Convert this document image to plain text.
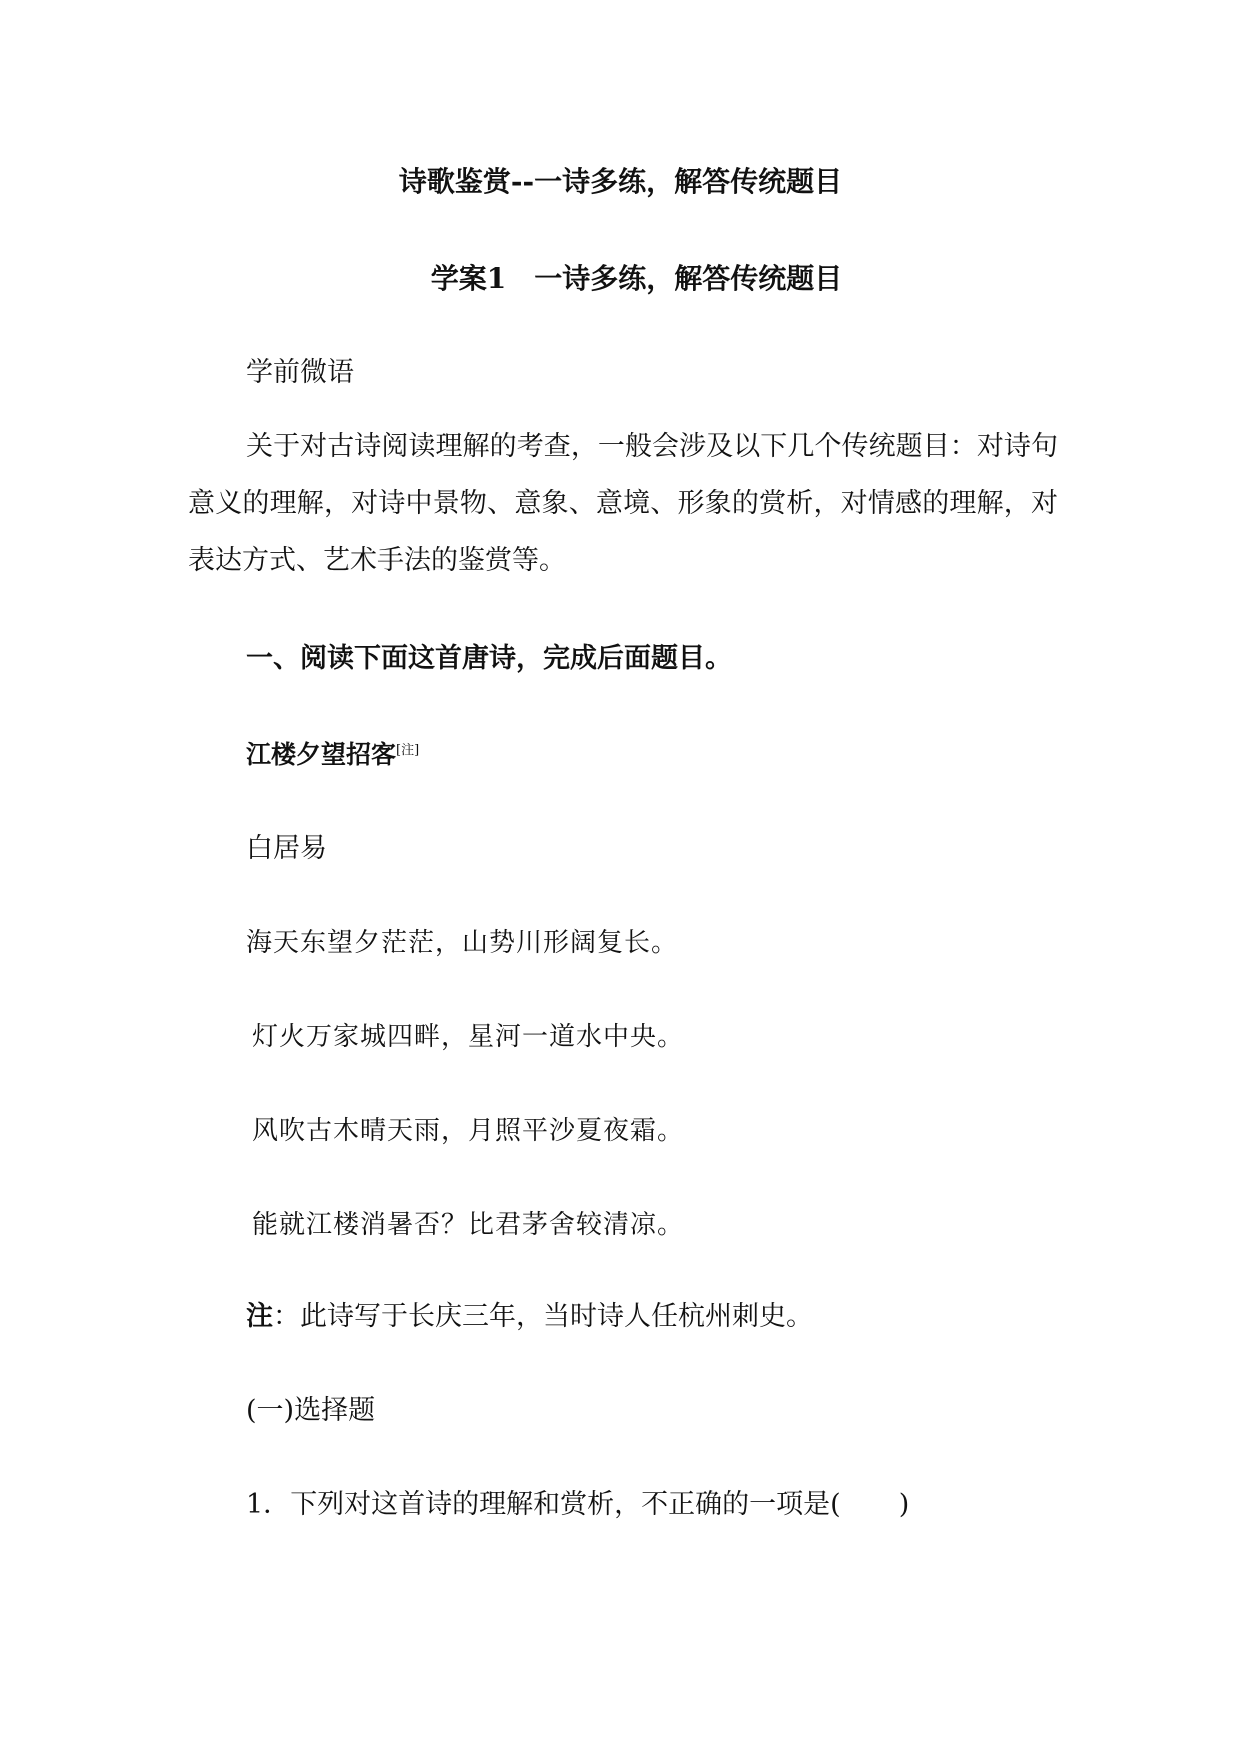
诗歌鉴赏--一诗多练，解答传统题目
学案1　一诗多练，解答传统题目
学前微语
关于对古诗阅读理解的考查，一般会涉及以下几个传统题目：对诗句意义的理解，对诗中景物、意象、意境、形象的赏析，对情感的理解，对表达方式、艺术手法的鉴赏等。
一、阅读下面这首唐诗，完成后面题目。
江楼夕望招客[注]
白居易
海天东望夕茫茫，山势川形阔复长。
灯火万家城四畔，星河一道水中央。
风吹古木晴天雨，月照平沙夏夜霜。
能就江楼消暑否？比君茅舍较清凉。
注：此诗写于长庆三年，当时诗人任杭州刺史。
(一)选择题
1．下列对这首诗的理解和赏析，不正确的一项是( )
